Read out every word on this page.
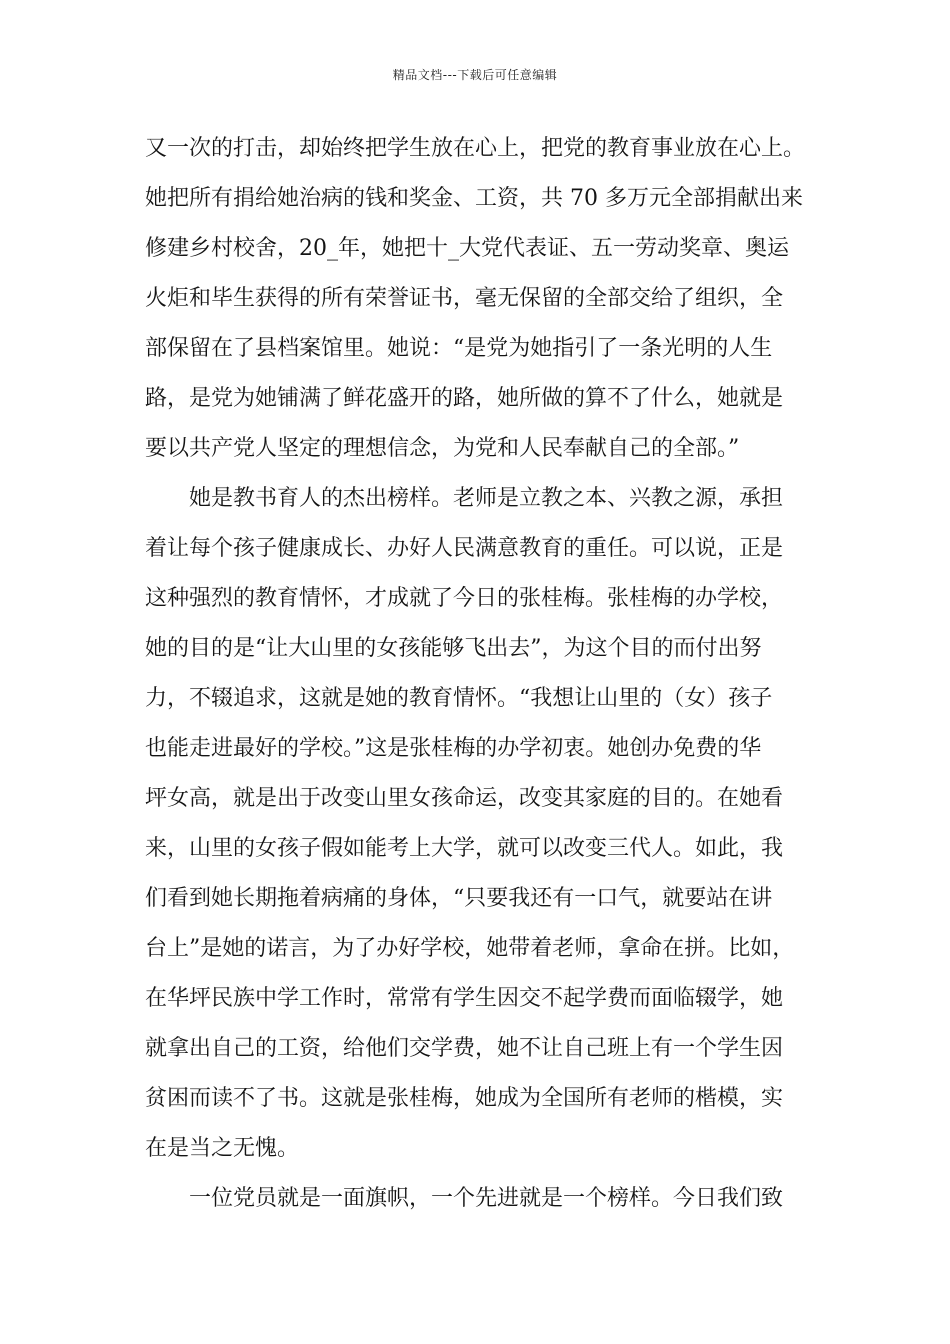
精品文档---下载后可任意编辑
又一次的打击，却始终把学生放在心上，把党的教育事业放在心上。
她把所有捐给她治病的钱和奖金、工资，共 70 多万元全部捐献出来
修建乡村校舍，20_年，她把十_大党代表证、五一劳动奖章、奥运
火炬和毕生获得的所有荣誉证书，毫无保留的全部交给了组织，全
部保留在了县档案馆里。她说：“是党为她指引了一条光明的人生
路，是党为她铺满了鲜花盛开的路，她所做的算不了什么，她就是
要以共产党人坚定的理想信念，为党和人民奉献自己的全部。”
她是教书育人的杰出榜样。老师是立教之本、兴教之源，承担
着让每个孩子健康成长、办好人民满意教育的重任。可以说，正是
这种强烈的教育情怀，才成就了今日的张桂梅。张桂梅的办学校，
她的目的是“让大山里的女孩能够飞出去”，为这个目的而付出努
力，不辍追求，这就是她的教育情怀。“我想让山里的（女）孩子
也能走进最好的学校。”这是张桂梅的办学初衷。她创办免费的华
坪女高，就是出于改变山里女孩命运，改变其家庭的目的。在她看
来，山里的女孩子假如能考上大学，就可以改变三代人。如此，我
们看到她长期拖着病痛的身体，“只要我还有一口气，就要站在讲
台上”是她的诺言，为了办好学校，她带着老师，拿命在拼。比如，
在华坪民族中学工作时，常常有学生因交不起学费而面临辍学，她
就拿出自己的工资，给他们交学费，她不让自己班上有一个学生因
贫困而读不了书。这就是张桂梅，她成为全国所有老师的楷模，实
在是当之无愧。
一位党员就是一面旗帜，一个先进就是一个榜样。今日我们致
